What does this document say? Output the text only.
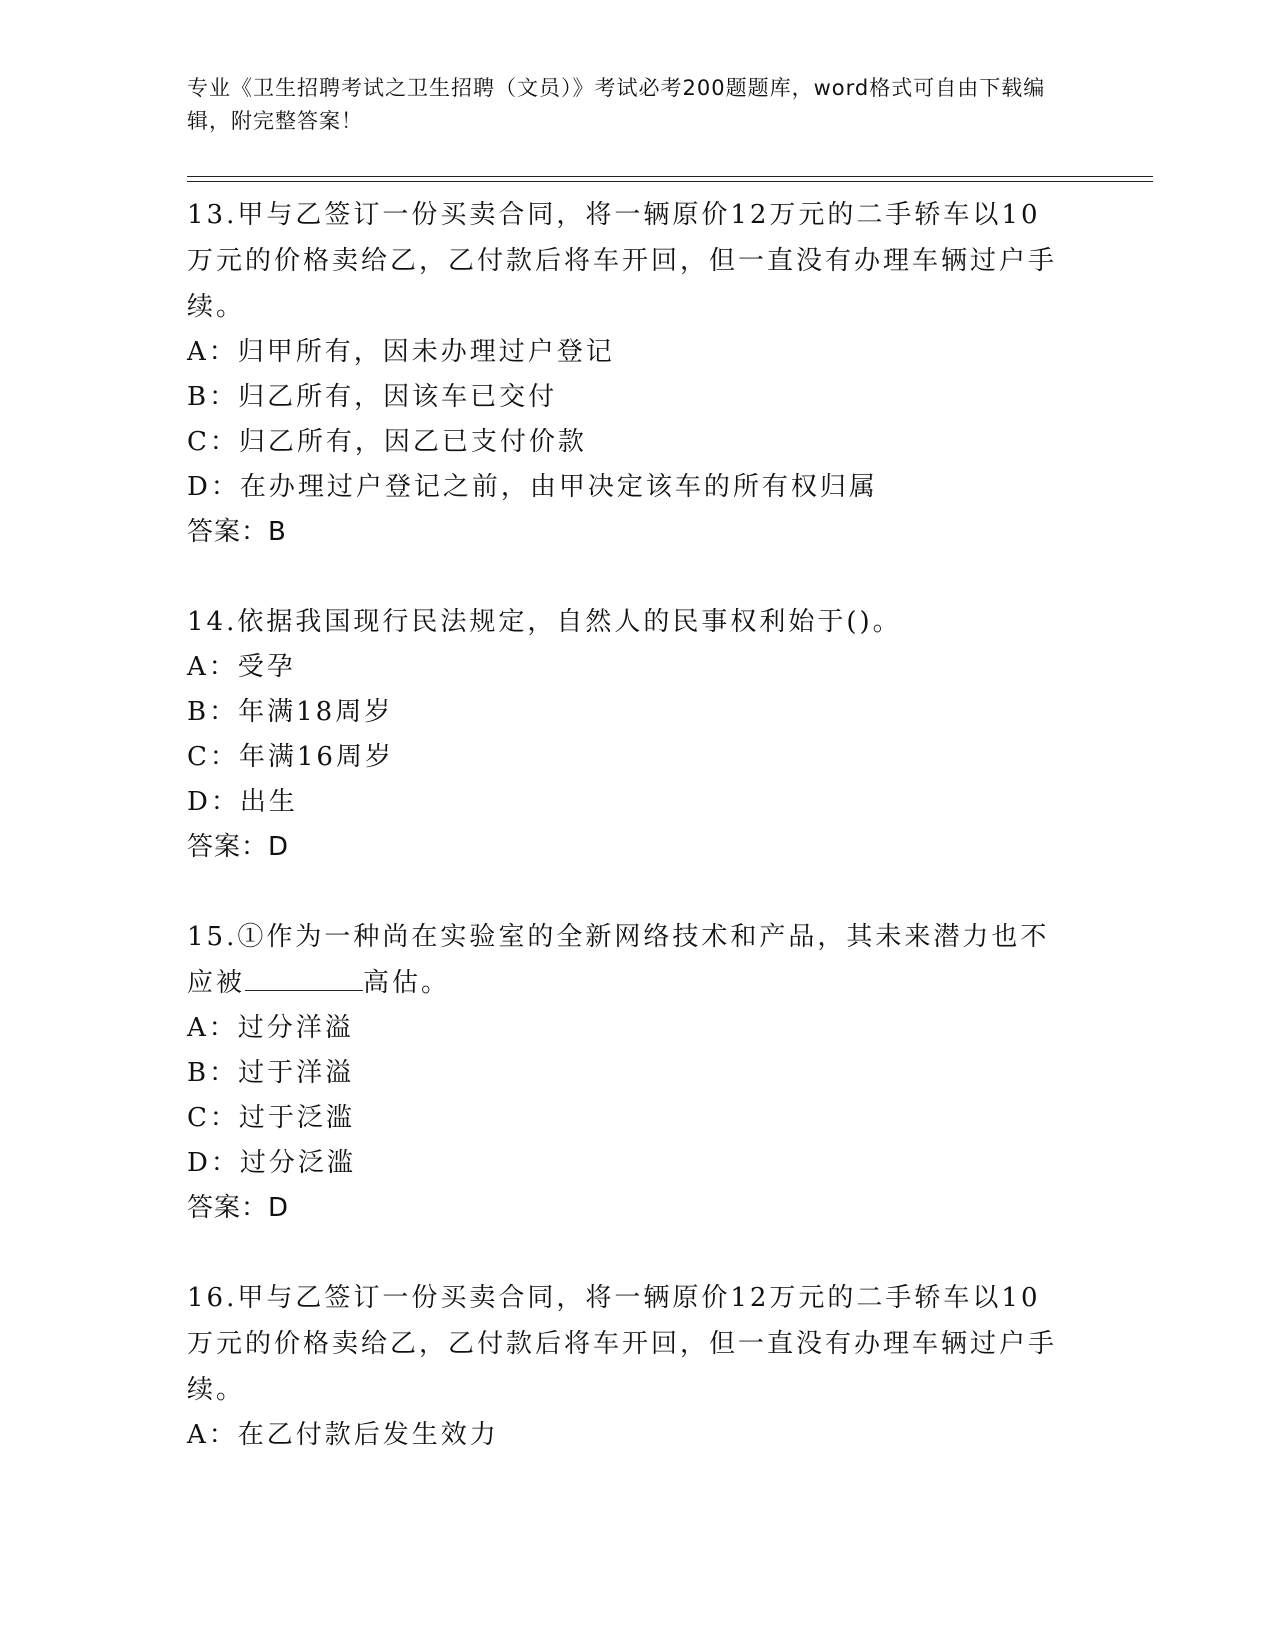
专业《卫生招聘考试之卫生招聘（文员）》考试必考200题题库，word格式可自由下载编辑，附完整答案！
13.甲与乙签订一份买卖合同，将一辆原价12万元的二手轿车以10万元的价格卖给乙，乙付款后将车开回，但一直没有办理车辆过户手续。
A：归甲所有，因未办理过户登记
B：归乙所有，因该车已交付
C：归乙所有，因乙已支付价款
D：在办理过户登记之前，由甲决定该车的所有权归属
答案：B
14.依据我国现行民法规定，自然人的民事权利始于()。
A：受孕
B：年满18周岁
C：年满16周岁
D：出生
答案：D
15.①作为一种尚在实验室的全新网络技术和产品，其未来潜力也不应被	高估。
A：过分洋溢
B：过于洋溢
C：过于泛滥
D：过分泛滥
答案：D
16.甲与乙签订一份买卖合同，将一辆原价12万元的二手轿车以10万元的价格卖给乙，乙付款后将车开回，但一直没有办理车辆过户手续。
A：在乙付款后发生效力
